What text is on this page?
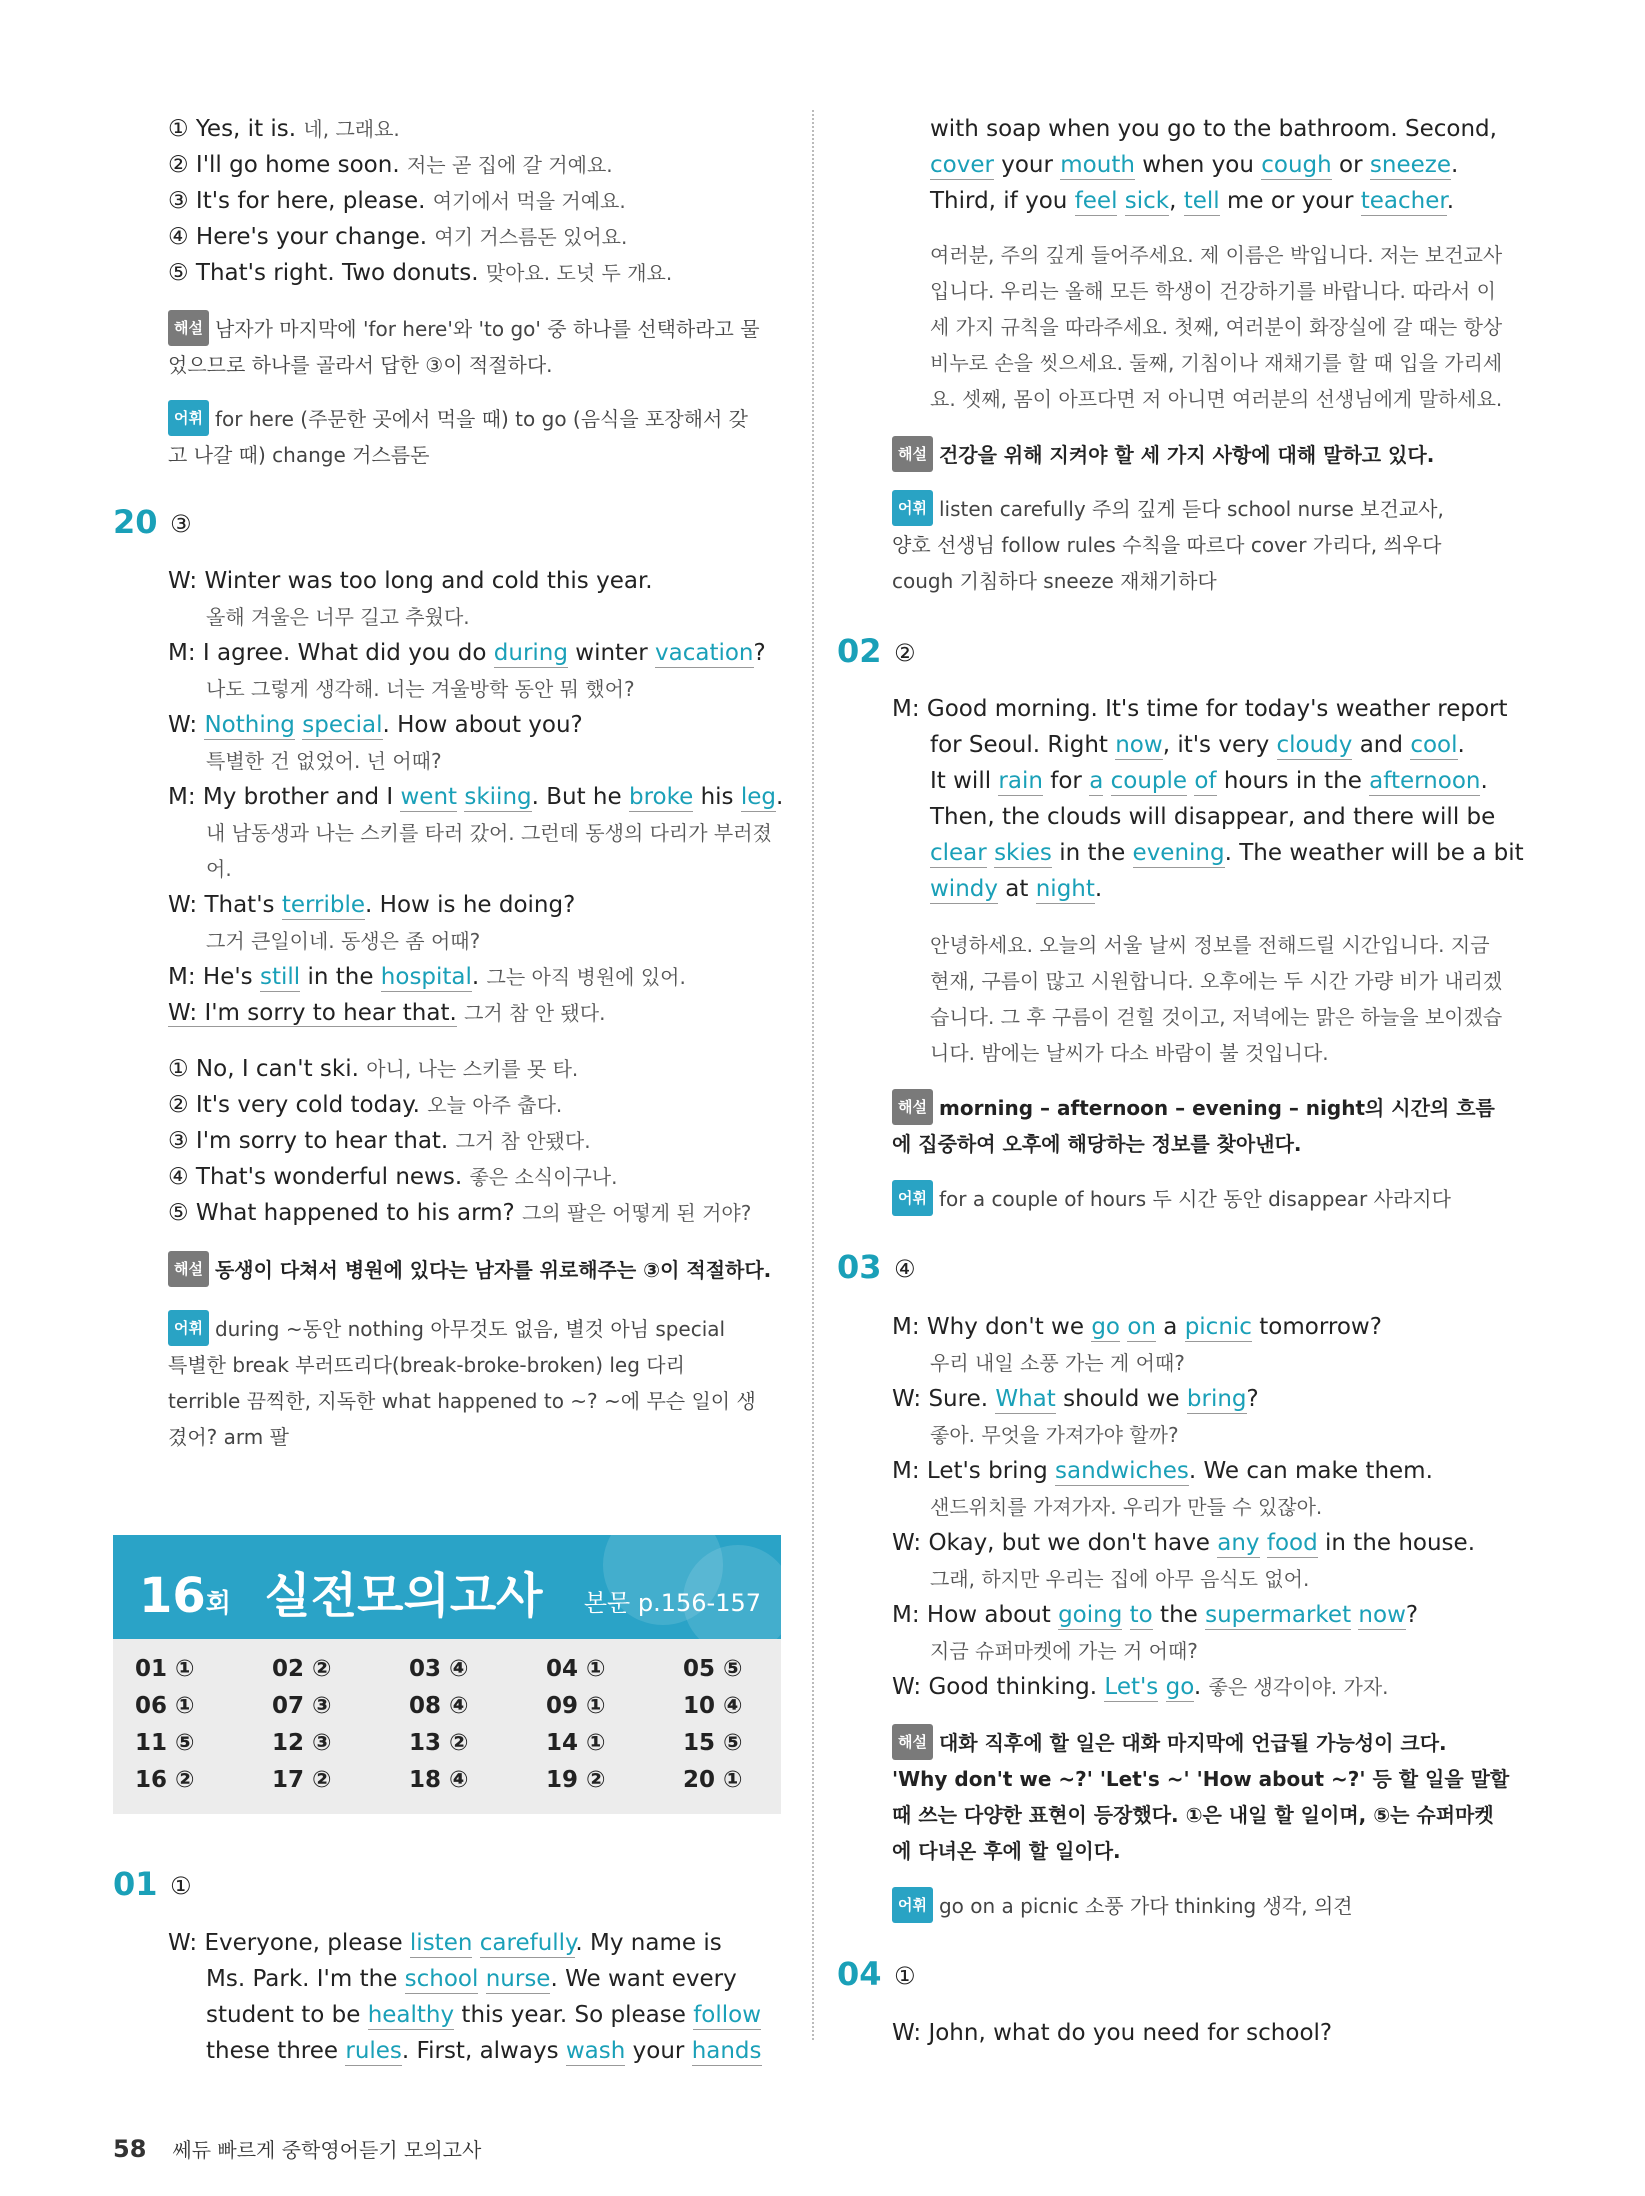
① Yes, it is. 네, 그래요.
② I'll go home soon. 저는 곧 집에 갈 거예요.
③ It's for here, please. 여기에서 먹을 거예요.
④ Here's your change. 여기 거스름돈 있어요.
⑤ That's right. Two donuts. 맞아요. 도넛 두 개요.
해설 남자가 마지막에 'for here'와 'to go' 중 하나를 선택하라고 물
었으므로 하나를 골라서 답한 ③이 적절하다.
어휘 for here (주문한 곳에서 먹을 때) to go (음식을 포장해서 갖
고 나갈 때) change 거스름돈
20 ③
W: Winter was too long and cold this year.
올해 겨울은 너무 길고 추웠다.
M: I agree. What did you do during winter vacation?
나도 그렇게 생각해. 너는 겨울방학 동안 뭐 했어?
W: Nothing special. How about you?
특별한 건 없었어. 넌 어때?
M: My brother and I went skiing. But he broke his leg.
내 남동생과 나는 스키를 타러 갔어. 그런데 동생의 다리가 부러졌
어.
W: That's terrible. How is he doing?
그거 큰일이네. 동생은 좀 어때?
M: He's still in the hospital. 그는 아직 병원에 있어.
W: I'm sorry to hear that. 그거 참 안 됐다.
① No, I can't ski. 아니, 나는 스키를 못 타.
② It's very cold today. 오늘 아주 춥다.
③ I'm sorry to hear that. 그거 참 안됐다.
④ That's wonderful news. 좋은 소식이구나.
⑤ What happened to his arm? 그의 팔은 어떻게 된 거야?
해설 동생이 다쳐서 병원에 있다는 남자를 위로해주는 ③이 적절하다.
어휘 during ~동안 nothing 아무것도 없음, 별것 아님 special
특별한 break 부러뜨리다(break-broke-broken) leg 다리
terrible 끔찍한, 지독한 what happened to ~? ~에 무슨 일이 생
겼어? arm 팔
16회 실전모의고사 본문 p.156-157
01 ①	02 ②	03 ④	04 ①	05 ⑤
06 ①	07 ③	08 ④	09 ①	10 ④
11 ⑤	12 ③	13 ②	14 ①	15 ⑤
16 ②	17 ②	18 ④	19 ②	20 ①
01 ①
W: Everyone, please listen carefully. My name is
Ms. Park. I'm the school nurse. We want every
student to be healthy this year. So please follow
these three rules. First, always wash your hands
with soap when you go to the bathroom. Second,
cover your mouth when you cough or sneeze.
Third, if you feel sick, tell me or your teacher.
여러분, 주의 깊게 들어주세요. 제 이름은 박입니다. 저는 보건교사
입니다. 우리는 올해 모든 학생이 건강하기를 바랍니다. 따라서 이
세 가지 규칙을 따라주세요. 첫째, 여러분이 화장실에 갈 때는 항상
비누로 손을 씻으세요. 둘째, 기침이나 재채기를 할 때 입을 가리세
요. 셋째, 몸이 아프다면 저 아니면 여러분의 선생님에게 말하세요.
해설 건강을 위해 지켜야 할 세 가지 사항에 대해 말하고 있다.
어휘 listen carefully 주의 깊게 듣다 school nurse 보건교사,
양호 선생님 follow rules 수칙을 따르다 cover 가리다, 씌우다
cough 기침하다 sneeze 재채기하다
02 ②
M: Good morning. It's time for today's weather report
for Seoul. Right now, it's very cloudy and cool.
It will rain for a couple of hours in the afternoon.
Then, the clouds will disappear, and there will be
clear skies in the evening. The weather will be a bit
windy at night.
안녕하세요. 오늘의 서울 날씨 정보를 전해드릴 시간입니다. 지금
현재, 구름이 많고 시원합니다. 오후에는 두 시간 가량 비가 내리겠
습니다. 그 후 구름이 걷힐 것이고, 저녁에는 맑은 하늘을 보이겠습
니다. 밤에는 날씨가 다소 바람이 불 것입니다.
해설 morning – afternoon – evening – night의 시간의 흐름
에 집중하여 오후에 해당하는 정보를 찾아낸다.
어휘 for a couple of hours 두 시간 동안 disappear 사라지다
03 ④
M: Why don't we go on a picnic tomorrow?
우리 내일 소풍 가는 게 어때?
W: Sure. What should we bring?
좋아. 무엇을 가져가야 할까?
M: Let's bring sandwiches. We can make them.
샌드위치를 가져가자. 우리가 만들 수 있잖아.
W: Okay, but we don't have any food in the house.
그래, 하지만 우리는 집에 아무 음식도 없어.
M: How about going to the supermarket now?
지금 슈퍼마켓에 가는 거 어때?
W: Good thinking. Let's go. 좋은 생각이야. 가자.
해설 대화 직후에 할 일은 대화 마지막에 언급될 가능성이 크다.
'Why don't we ~?' 'Let's ~' 'How about ~?' 등 할 일을 말할
때 쓰는 다양한 표현이 등장했다. ①은 내일 할 일이며, ⑤는 슈퍼마켓
에 다녀온 후에 할 일이다.
어휘 go on a picnic 소풍 가다 thinking 생각, 의견
04 ①
W: John, what do you need for school?
58 쎄듀 빠르게 중학영어듣기 모의고사
